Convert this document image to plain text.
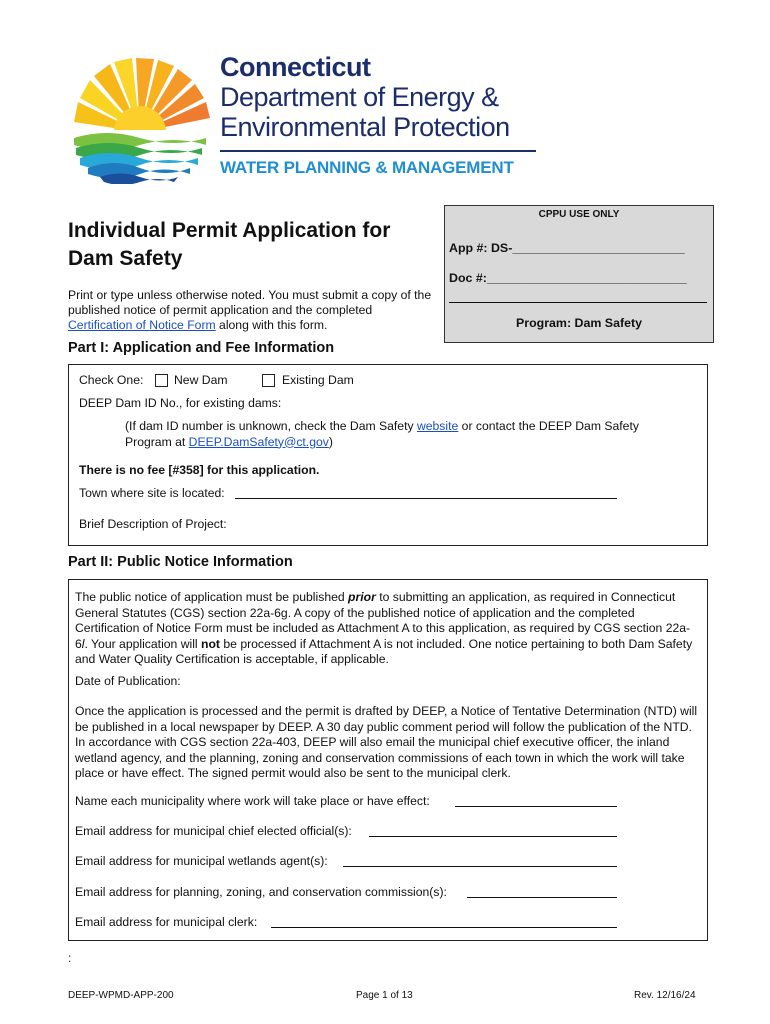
Connecticut
Department of Energy &
Environmental Protection
WATER PLANNING & MANAGEMENT
Individual Permit Application for
Dam Safety
Print or type unless otherwise noted. You must submit a copy of the published notice of permit application and the completed Certification of Notice Form along with this form.
CPPU USE ONLY
App #: DS-_________________________
Doc #:_____________________________
Program: Dam Safety
Part I: Application and Fee Information
Check One:	New Dam	Existing Dam
DEEP Dam ID No., for existing dams:
(If dam ID number is unknown, check the Dam Safety website or contact the DEEP Dam Safety
Program at DEEP.DamSafety@ct.gov)
There is no fee [#358] for this application.
Town where site is located:
Brief Description of Project:
Part II: Public Notice Information
The public notice of application must be published prior to submitting an application, as required in Connecticut General Statutes (CGS) section 22a-6g. A copy of the published notice of application and the completed Certification of Notice Form must be included as Attachment A to this application, as required by CGS section 22a-6l. Your application will not be processed if Attachment A is not included. One notice pertaining to both Dam Safety and Water Quality Certification is acceptable, if applicable.
Date of Publication:
Once the application is processed and the permit is drafted by DEEP, a Notice of Tentative Determination (NTD) will be published in a local newspaper by DEEP. A 30 day public comment period will follow the publication of the NTD. In accordance with CGS section 22a-403, DEEP will also email the municipal chief executive officer, the inland wetland agency, and the planning, zoning and conservation commissions of each town in which the work will take place or have effect. The signed permit would also be sent to the municipal clerk.
Name each municipality where work will take place or have effect:
Email address for municipal chief elected official(s):
Email address for municipal wetlands agent(s):
Email address for planning, zoning, and conservation commission(s):
Email address for municipal clerk:
:
DEEP-WPMD-APP-200	Page 1 of 13	Rev. 12/16/24
